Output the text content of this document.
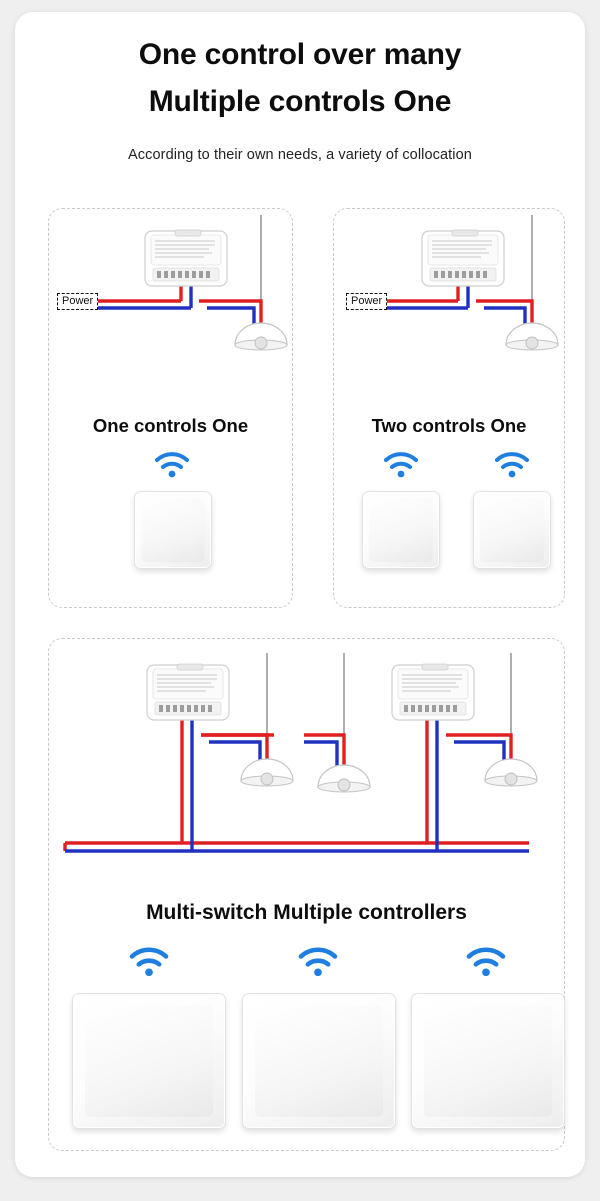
One control over many
Multiple controls One
According to their own needs, a variety of collocation
Power
One controls One
Power
Two controls One
Multi-switch Multiple controllers
